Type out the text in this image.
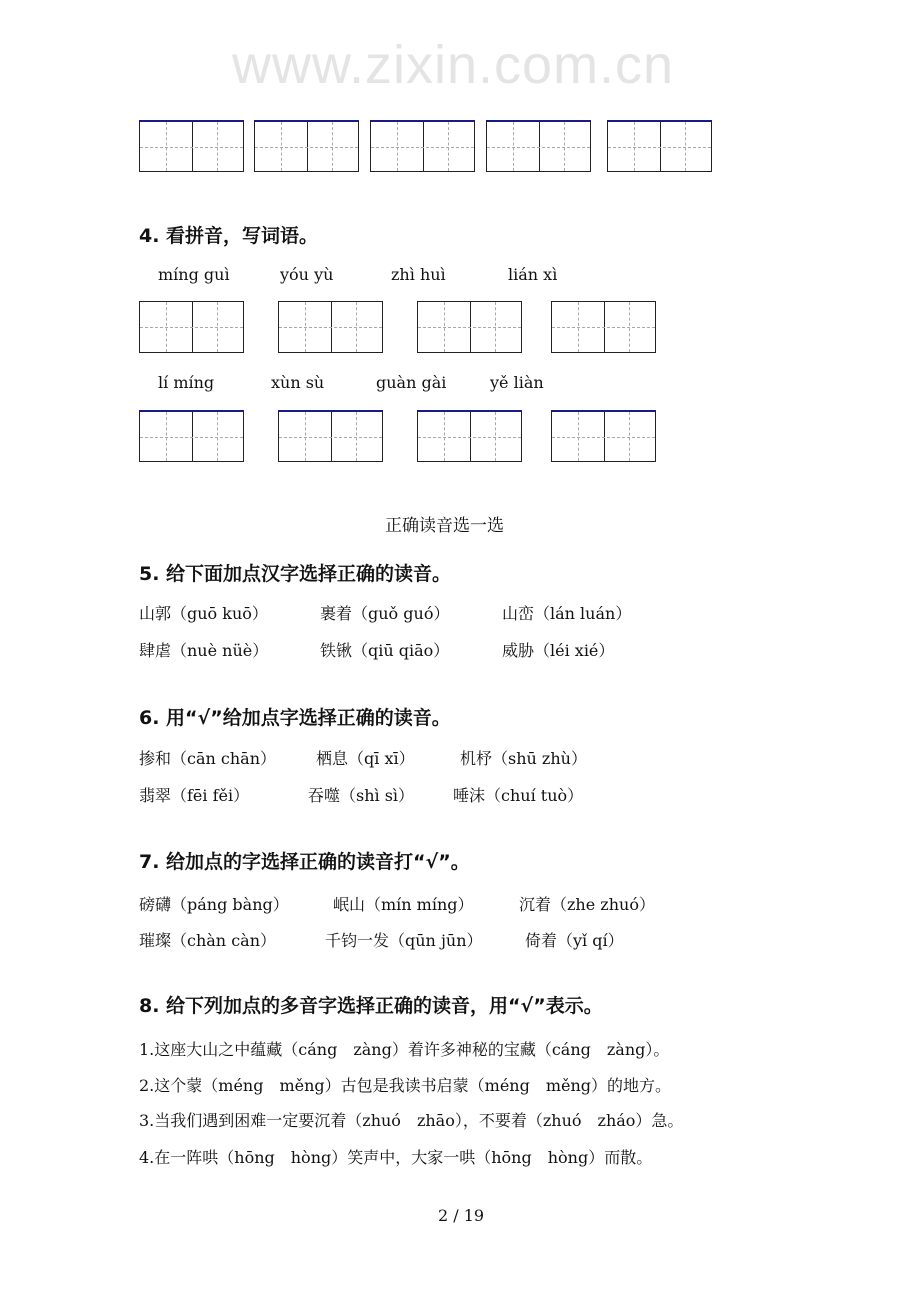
www.zixin.com.cn
4. 看拼音，写词语。
míng guì	yóu yù	zhì huì	lián xì
lí míng	xùn sù	guàn gài	yě liàn
正确读音选一选
5. 给下面加点汉字选择正确的读音。
山郭（guō kuō）	裹着（guǒ guó）	山峦（lán luán）
肆虐（nuè nüè）	铁锹（qiū qiāo）	威胁（léi xié）
6. 用“√”给加点字选择正确的读音。
掺和（cān chān） 栖息（qī xī）	机杼（shū zhù）
翡翠（fēi fěi）	吞噬（shì sì） 唾沫（chuí tuò）
7. 给加点的字选择正确的读音打“√”。
磅礴（páng bàng）	岷山（mín míng）	沉着（zhe zhuó）
璀璨（chàn càn）	千钧一发（qūn jūn）	倚着（yǐ qí）
8. 给下列加点的多音字选择正确的读音，用“√”表示。
1.这座大山之中蕴藏（cáng　zàng）着许多神秘的宝藏（cáng　zàng）。
2.这个蒙（méng　měng）古包是我读书启蒙（méng　měng）的地方。
3.当我们遇到困难一定要沉着（zhuó　zhāo），不要着（zhuó　zháo）急。
4.在一阵哄（hōng　hòng）笑声中，大家一哄（hōng　hòng）而散。
2 / 19
